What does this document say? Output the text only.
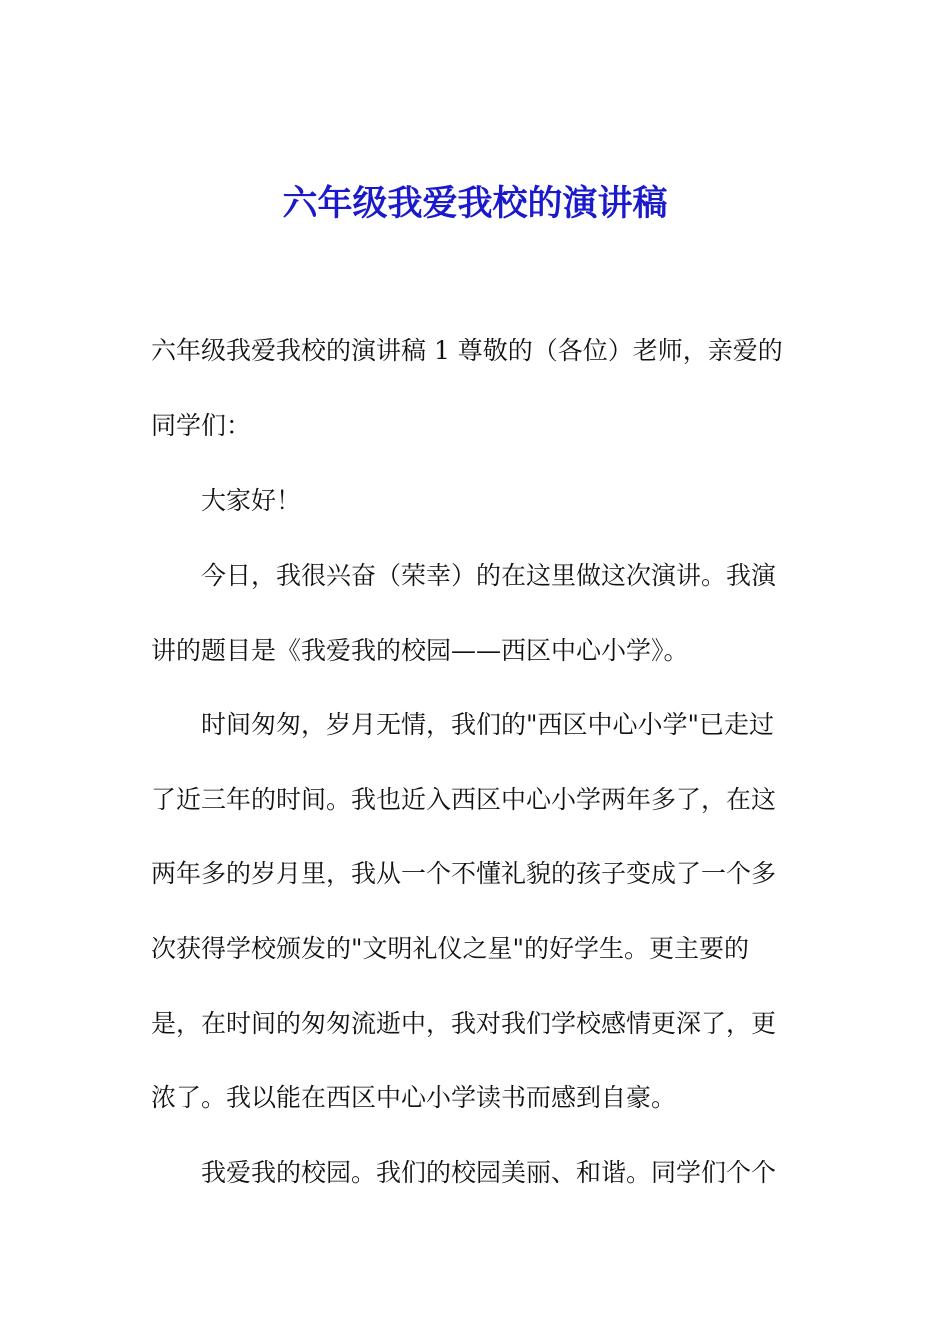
六年级我爱我校的演讲稿
六年级我爱我校的演讲稿 1 尊敬的（各位）老师，亲爱的
同学们：
大家好！
今日，我很兴奋（荣幸）的在这里做这次演讲。我演
讲的题目是《我爱我的校园——西区中心小学》。
时间匆匆，岁月无情，我们的"西区中心小学"已走过
了近三年的时间。我也近入西区中心小学两年多了，在这
两年多的岁月里，我从一个不懂礼貌的孩子变成了一个多
次获得学校颁发的"文明礼仪之星"的好学生。更主要的
是，在时间的匆匆流逝中，我对我们学校感情更深了，更
浓了。我以能在西区中心小学读书而感到自豪。
我爱我的校园。我们的校园美丽、和谐。同学们个个
